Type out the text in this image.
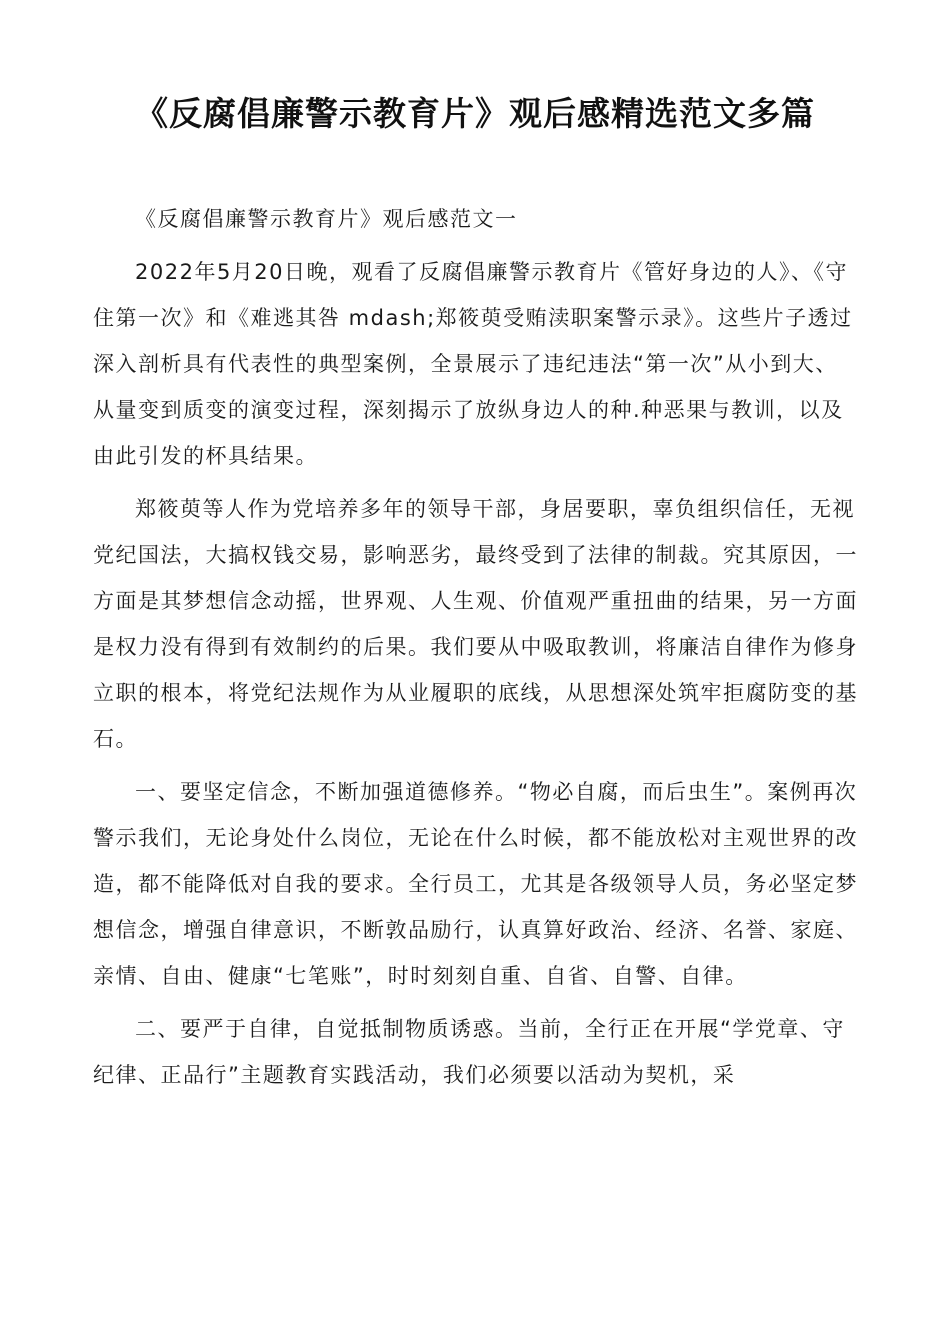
《反腐倡廉警示教育片》观后感精选范文多篇

《反腐倡廉警示教育片》观后感范文一

2022年5月20日晚，观看了反腐倡廉警示教育片《管好身边的人》、《守住第一次》和《难逃其咎 mdash;郑筱萸受贿渎职案警示录》。这些片子透过深入剖析具有代表性的典型案例，全景展示了违纪违法“第一次”从小到大、从量变到质变的演变过程，深刻揭示了放纵身边人的种.种恶果与教训，以及由此引发的杯具结果。

郑筱萸等人作为党培养多年的领导干部，身居要职，辜负组织信任，无视党纪国法，大搞权钱交易，影响恶劣，最终受到了法律的制裁。究其原因，一方面是其梦想信念动摇，世界观、人生观、价值观严重扭曲的结果，另一方面是权力没有得到有效制约的后果。我们要从中吸取教训，将廉洁自律作为修身立职的根本，将党纪法规作为从业履职的底线，从思想深处筑牢拒腐防变的基石。

一、要坚定信念，不断加强道德修养。“物必自腐，而后虫生”。案例再次警示我们，无论身处什么岗位，无论在什么时候，都不能放松对主观世界的改造，都不能降低对自我的要求。全行员工，尤其是各级领导人员，务必坚定梦想信念，增强自律意识，不断敦品励行，认真算好政治、经济、名誉、家庭、亲情、自由、健康“七笔账”，时时刻刻自重、自省、自警、自律。

二、要严于自律，自觉抵制物质诱惑。当前，全行正在开展“学党章、守纪律、正品行”主题教育实践活动，我们必须要以活动为契机，采
